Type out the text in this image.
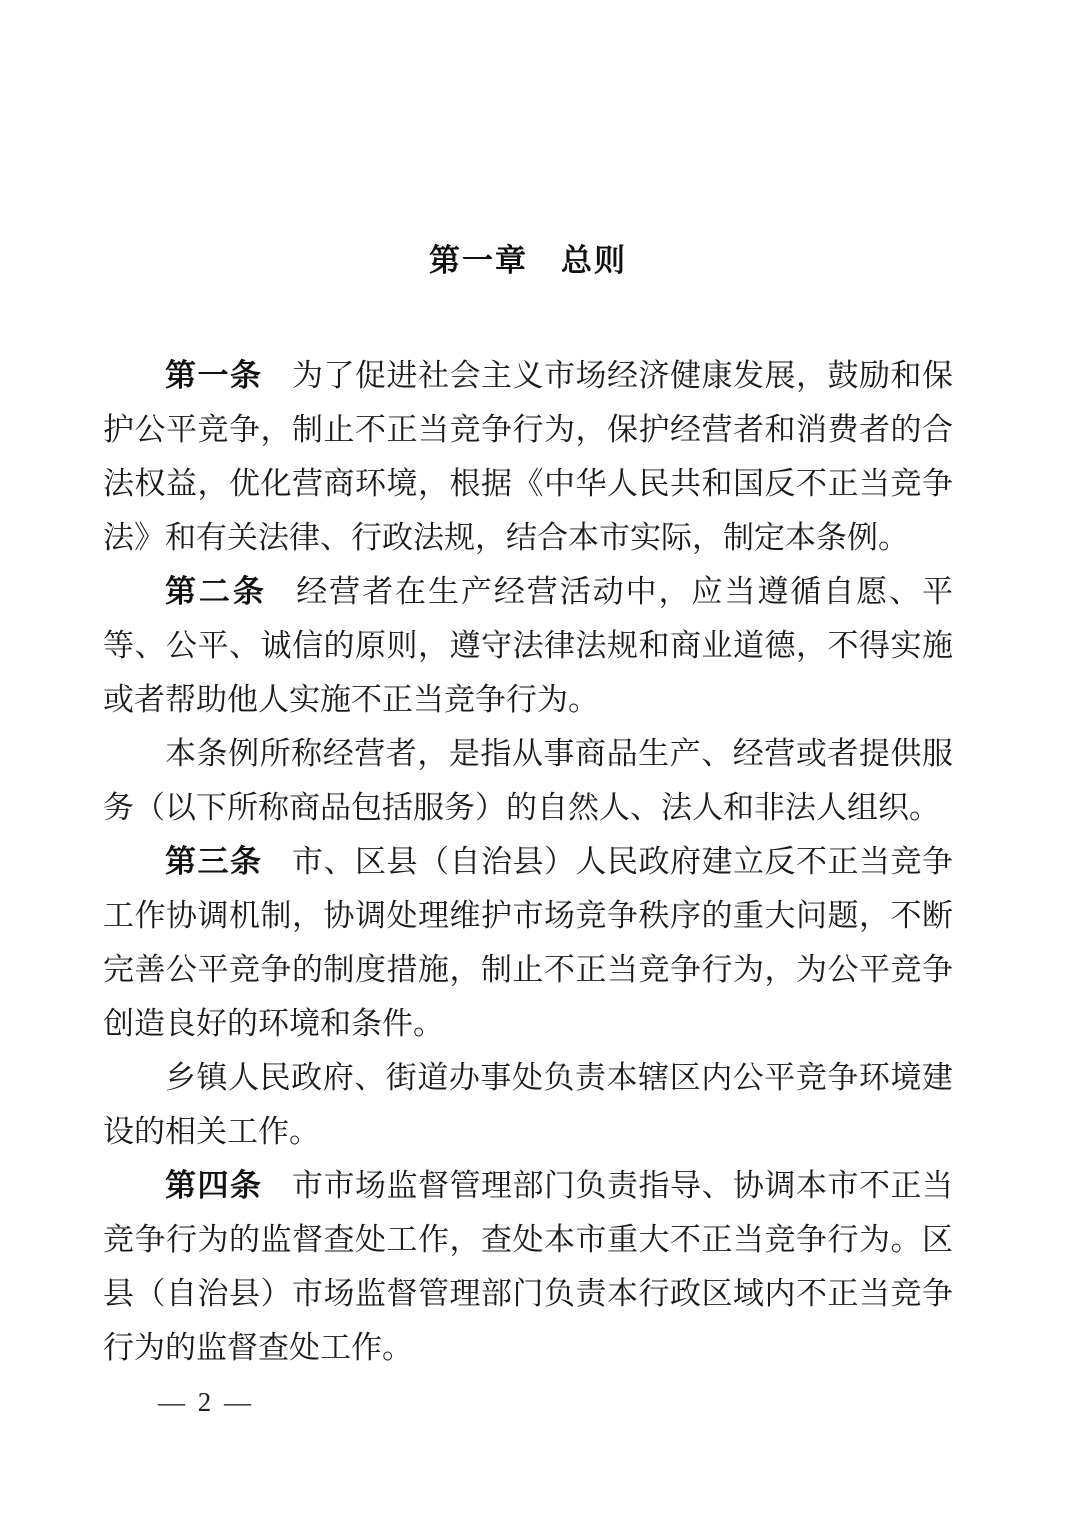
第一章　总则

第一条 为了促进社会主义市场经济健康发展，鼓励和保护公平竞争，制止不正当竞争行为，保护经营者和消费者的合法权益，优化营商环境，根据《中华人民共和国反不正当竞争法》和有关法律、行政法规，结合本市实际，制定本条例。

第二条 经营者在生产经营活动中，应当遵循自愿、平等、公平、诚信的原则，遵守法律法规和商业道德，不得实施或者帮助他人实施不正当竞争行为。

本条例所称经营者，是指从事商品生产、经营或者提供服务（以下所称商品包括服务）的自然人、法人和非法人组织。

第三条 市、区县（自治县）人民政府建立反不正当竞争工作协调机制，协调处理维护市场竞争秩序的重大问题，不断完善公平竞争的制度措施，制止不正当竞争行为，为公平竞争创造良好的环境和条件。

乡镇人民政府、街道办事处负责本辖区内公平竞争环境建设的相关工作。

第四条 市市场监督管理部门负责指导、协调本市不正当竞争行为的监督查处工作，查处本市重大不正当竞争行为。区县（自治县）市场监督管理部门负责本行政区域内不正当竞争行为的监督查处工作。

— 2 —
